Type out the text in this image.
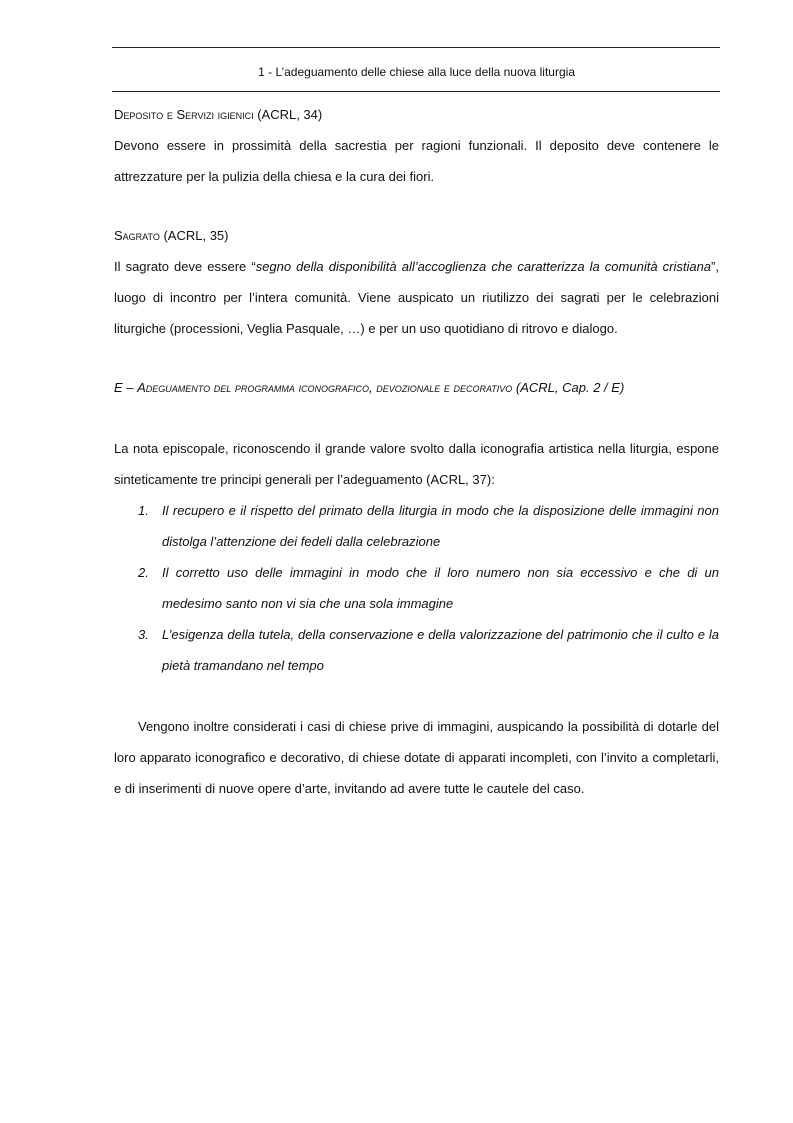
1 - L’adeguamento delle chiese alla luce della nuova liturgia

Deposito e Servizi igienici (ACRL, 34)

Devono essere in prossimità della sacrestia per ragioni funzionali. Il deposito deve contenere le attrezzature per la pulizia della chiesa e la cura dei fiori.

Sagrato (ACRL, 35)

Il sagrato deve essere “segno della disponibilità all’accoglienza che caratterizza la comunità cristiana”, luogo di incontro per l’intera comunità. Viene auspicato un riutilizzo dei sagrati per le celebrazioni liturgiche (processioni, Veglia Pasquale, …) e per un uso quotidiano di ritrovo e dialogo.

E – Adeguamento del programma iconografico, devozionale e decorativo (ACRL, Cap. 2 / E)

La nota episcopale, riconoscendo il grande valore svolto dalla iconografia artistica nella liturgia, espone sinteticamente tre principi generali per l’adeguamento (ACRL, 37):

1. Il recupero e il rispetto del primato della liturgia in modo che la disposizione delle immagini non distolga l’attenzione dei fedeli dalla celebrazione
2. Il corretto uso delle immagini in modo che il loro numero non sia eccessivo e che di un medesimo santo non vi sia che una sola immagine
3. L’esigenza della tutela, della conservazione e della valorizzazione del patrimonio che il culto e la pietà tramandano nel tempo

Vengono inoltre considerati i casi di chiese prive di immagini, auspicando la possibilità di dotarle del loro apparato iconografico e decorativo, di chiese dotate di apparati incompleti, con l’invito a completarli, e di inserimenti di nuove opere d’arte, invitando ad avere tutte le cautele del caso.
